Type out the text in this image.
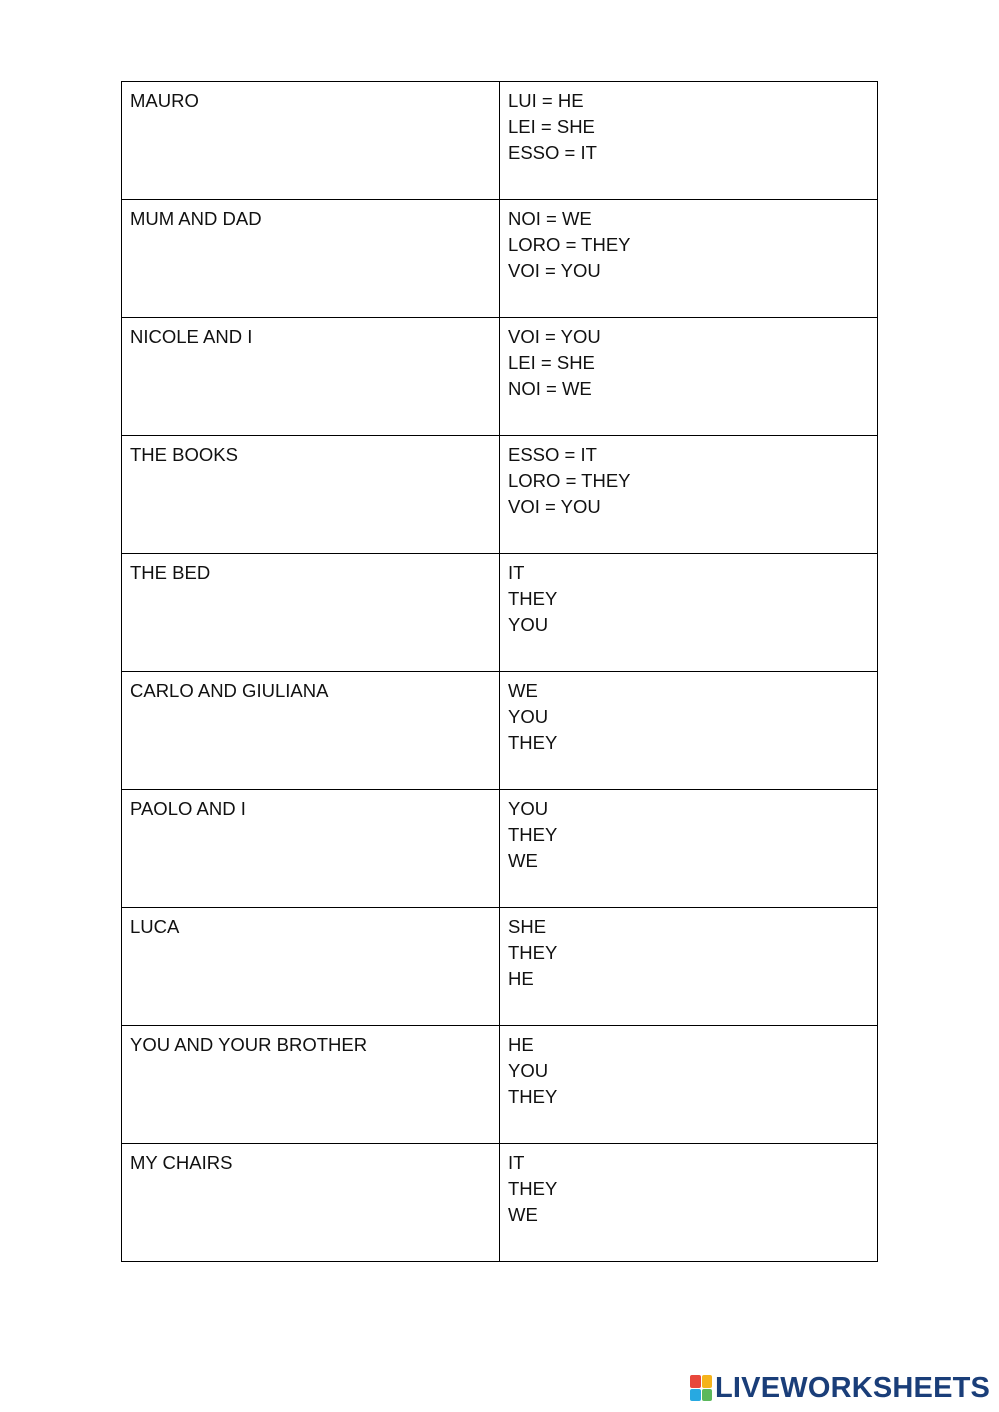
MAURO	LUI = HE
LEI = SHE
ESSO = IT

MUM AND DAD	NOI = WE
LORO = THEY
VOI = YOU

NICOLE AND I	VOI = YOU
LEI = SHE
NOI = WE

THE BOOKS	ESSO = IT
LORO = THEY
VOI = YOU

THE BED	IT
THEY
YOU

CARLO AND GIULIANA	WE
YOU
THEY

PAOLO AND I	YOU
THEY
WE

LUCA	SHE
THEY
HE

YOU AND YOUR BROTHER	HE
YOU
THEY

MY CHAIRS	IT
THEY
WE
LIVEWORKSHEETS
